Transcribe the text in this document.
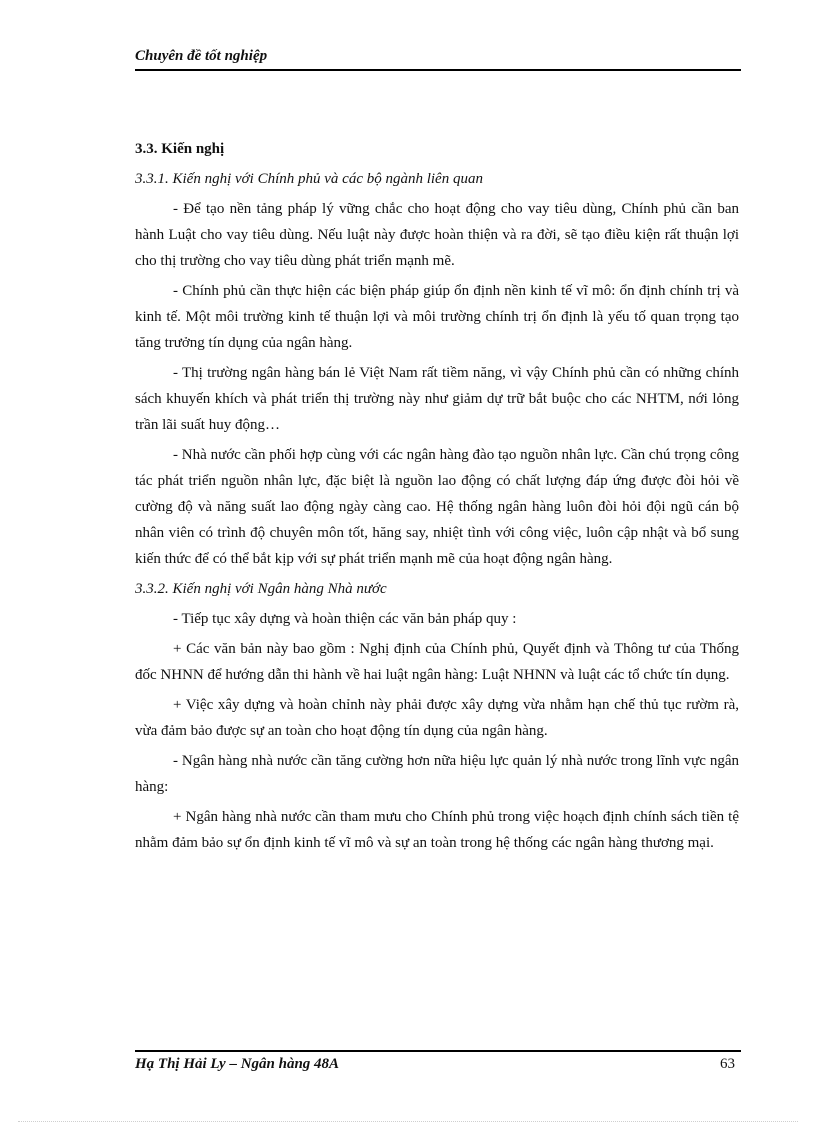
Chuyên đề tốt nghiệp

3.3. Kiến nghị

3.3.1. Kiến nghị với Chính phủ và các bộ ngành liên quan

- Để tạo nền tảng pháp lý vững chắc cho hoạt động cho vay tiêu dùng, Chính phủ cần ban hành Luật cho vay tiêu dùng. Nếu luật này được hoàn thiện và ra đời, sẽ tạo điều kiện rất thuận lợi cho thị trường cho vay tiêu dùng phát triển mạnh mẽ.

- Chính phủ cần thực hiện các biện pháp giúp ổn định nền kinh tế vĩ mô: ổn định chính trị và kinh tế. Một môi trường kinh tế thuận lợi và môi trường chính trị ổn định là yếu tố quan trọng tạo tăng trưởng tín dụng của ngân hàng.

- Thị trường ngân hàng bán lẻ Việt Nam rất tiềm năng, vì vậy Chính phủ cần có những chính sách khuyến khích và phát triển thị trường này như giảm dự trữ bắt buộc cho các NHTM, nới lỏng trần lãi suất huy động…

- Nhà nước cần phối hợp cùng với các ngân hàng đào tạo nguồn nhân lực. Cần chú trọng công tác phát triển nguồn nhân lực, đặc biệt là nguồn lao động có chất lượng đáp ứng được đòi hỏi về cường độ và năng suất lao động ngày càng cao. Hệ thống ngân hàng luôn đòi hỏi đội ngũ cán bộ nhân viên có trình độ chuyên môn tốt, hăng say, nhiệt tình với công việc, luôn cập nhật và bổ sung kiến thức để có thể bắt kịp với sự phát triển mạnh mẽ của hoạt động ngân hàng.

3.3.2. Kiến nghị với Ngân hàng Nhà nước

- Tiếp tục xây dựng và hoàn thiện các văn bản pháp quy :

+ Các văn bản này bao gồm : Nghị định của Chính phủ, Quyết định và Thông tư của Thống đốc NHNN để hướng dẫn thi hành về hai luật ngân hàng: Luật NHNN và luật các tổ chức tín dụng.

+ Việc xây dựng và hoàn chỉnh này phải được xây dựng vừa nhằm hạn chế thủ tục rườm rà, vừa đảm bảo được sự an toàn cho hoạt động tín dụng của ngân hàng.

- Ngân hàng nhà nước cần tăng cường hơn nữa hiệu lực quản lý nhà nước trong lĩnh vực ngân hàng:

+ Ngân hàng nhà nước cần tham mưu cho Chính phủ trong việc hoạch định chính sách tiền tệ nhằm đảm bảo sự ổn định kinh tế vĩ mô và sự an toàn trong hệ thống các ngân hàng thương mại.

Hạ Thị Hải Ly – Ngân hàng 48A	63
